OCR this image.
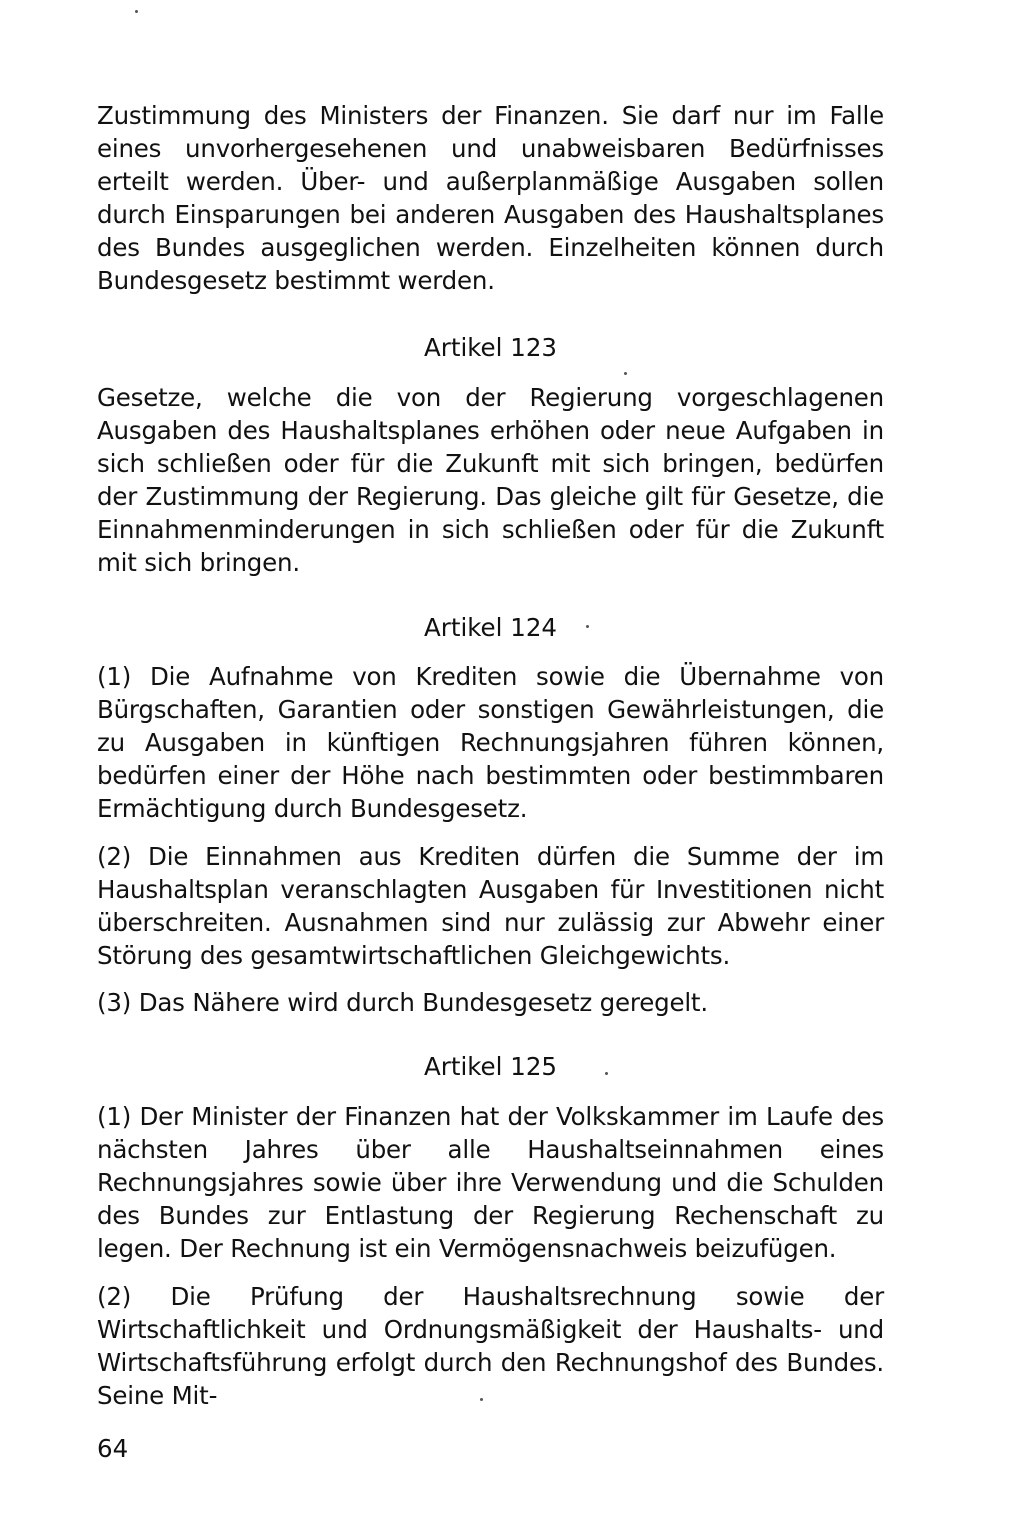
Zustimmung des Ministers der Finanzen. Sie darf nur im Falle eines unvorhergesehenen und unabweisbaren Bedürfnisses erteilt werden. Über- und außerplanmäßige Ausgaben sollen durch Einsparungen bei anderen Ausgaben des Haushaltsplanes des Bundes ausgeglichen werden. Einzelheiten können durch Bundesgesetz bestimmt werden.

Artikel 123

Gesetze, welche die von der Regierung vorgeschlagenen Ausgaben des Haushaltsplanes erhöhen oder neue Aufgaben in sich schließen oder für die Zukunft mit sich bringen, bedürfen der Zustimmung der Regierung. Das gleiche gilt für Gesetze, die Einnahmenminderungen in sich schließen oder für die Zukunft mit sich bringen.

Artikel 124

(1) Die Aufnahme von Krediten sowie die Übernahme von Bürgschaften, Garantien oder sonstigen Gewährleistungen, die zu Ausgaben in künftigen Rechnungsjahren führen können, bedürfen einer der Höhe nach bestimmten oder bestimmbaren Ermächtigung durch Bundesgesetz.

(2) Die Einnahmen aus Krediten dürfen die Summe der im Haushaltsplan veranschlagten Ausgaben für Investitionen nicht überschreiten. Ausnahmen sind nur zulässig zur Abwehr einer Störung des gesamtwirtschaftlichen Gleichgewichts.

(3) Das Nähere wird durch Bundesgesetz geregelt.

Artikel 125

(1) Der Minister der Finanzen hat der Volkskammer im Laufe des nächsten Jahres über alle Haushaltseinnahmen eines Rechnungsjahres sowie über ihre Verwendung und die Schulden des Bundes zur Entlastung der Regierung Rechenschaft zu legen. Der Rechnung ist ein Vermögensnachweis beizufügen.

(2) Die Prüfung der Haushaltsrechnung sowie der Wirtschaftlichkeit und Ordnungsmäßigkeit der Haushalts- und Wirtschaftsführung erfolgt durch den Rechnungshof des Bundes. Seine Mit-

64
